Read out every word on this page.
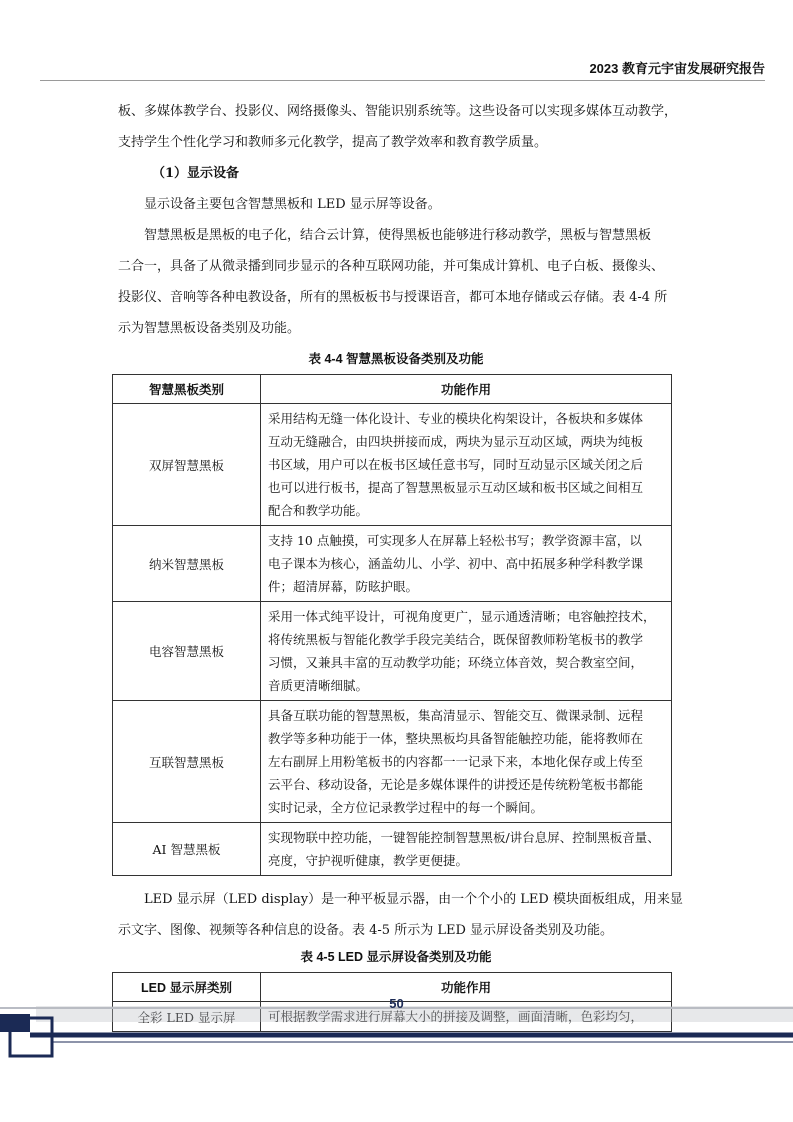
2023 教育元宇宙发展研究报告

板、多媒体教学台、投影仪、网络摄像头、智能识别系统等。这些设备可以实现多媒体互动教学，

支持学生个性化学习和教师多元化教学，提高了教学效率和教育教学质量。

（1）显示设备

显示设备主要包含智慧黑板和 LED 显示屏等设备。

智慧黑板是黑板的电子化，结合云计算，使得黑板也能够进行移动教学，黑板与智慧黑板

二合一，具备了从微录播到同步显示的各种互联网功能，并可集成计算机、电子白板、摄像头、

投影仪、音响等各种电教设备，所有的黑板板书与授课语音，都可本地存储或云存储。表 4-4 所

示为智慧黑板设备类别及功能。

表 4-4 智慧黑板设备类别及功能
智慧黑板类别	功能作用
双屏智慧黑板	采用结构无缝一体化设计、专业的模块化构架设计，各板块和多媒体
互动无缝融合，由四块拼接而成，两块为显示互动区域，两块为纯板
书区域，用户可以在板书区域任意书写，同时互动显示区域关闭之后
也可以进行板书，提高了智慧黑板显示互动区域和板书区域之间相互
配合和教学功能。

纳米智慧黑板	支持 10 点触摸，可实现多人在屏幕上轻松书写；教学资源丰富，以
电子课本为核心，涵盖幼儿、小学、初中、高中拓展多种学科教学课
件；超清屏幕，防眩护眼。

电容智慧黑板	采用一体式纯平设计，可视角度更广，显示通透清晰；电容触控技术，
将传统黑板与智能化教学手段完美结合，既保留教师粉笔板书的教学
习惯，又兼具丰富的互动教学功能；环绕立体音效，契合教室空间，
音质更清晰细腻。

互联智慧黑板	具备互联功能的智慧黑板，集高清显示、智能交互、微课录制、远程
教学等多种功能于一体，整块黑板均具备智能触控功能，能将教师在
左右副屏上用粉笔板书的内容都一一记录下来，本地化保存或上传至
云平台、移动设备，无论是多媒体课件的讲授还是传统粉笔板书都能
实时记录，全方位记录教学过程中的每一个瞬间。

AI 智慧黑板	实现物联中控功能，一键智能控制智慧黑板/讲台息屏、控制黑板音量、
亮度，守护视听健康，教学更便捷。

LED 显示屏（LED display）是一种平板显示器，由一个个小的 LED 模块面板组成，用来显

示文字、图像、视频等各种信息的设备。表 4-5 所示为 LED 显示屏设备类别及功能。

表 4-5 LED 显示屏设备类别及功能
LED 显示屏类别	功能作用
全彩 LED 显示屏	可根据教学需求进行屏幕大小的拼接及调整，画面清晰，色彩均匀，
50
